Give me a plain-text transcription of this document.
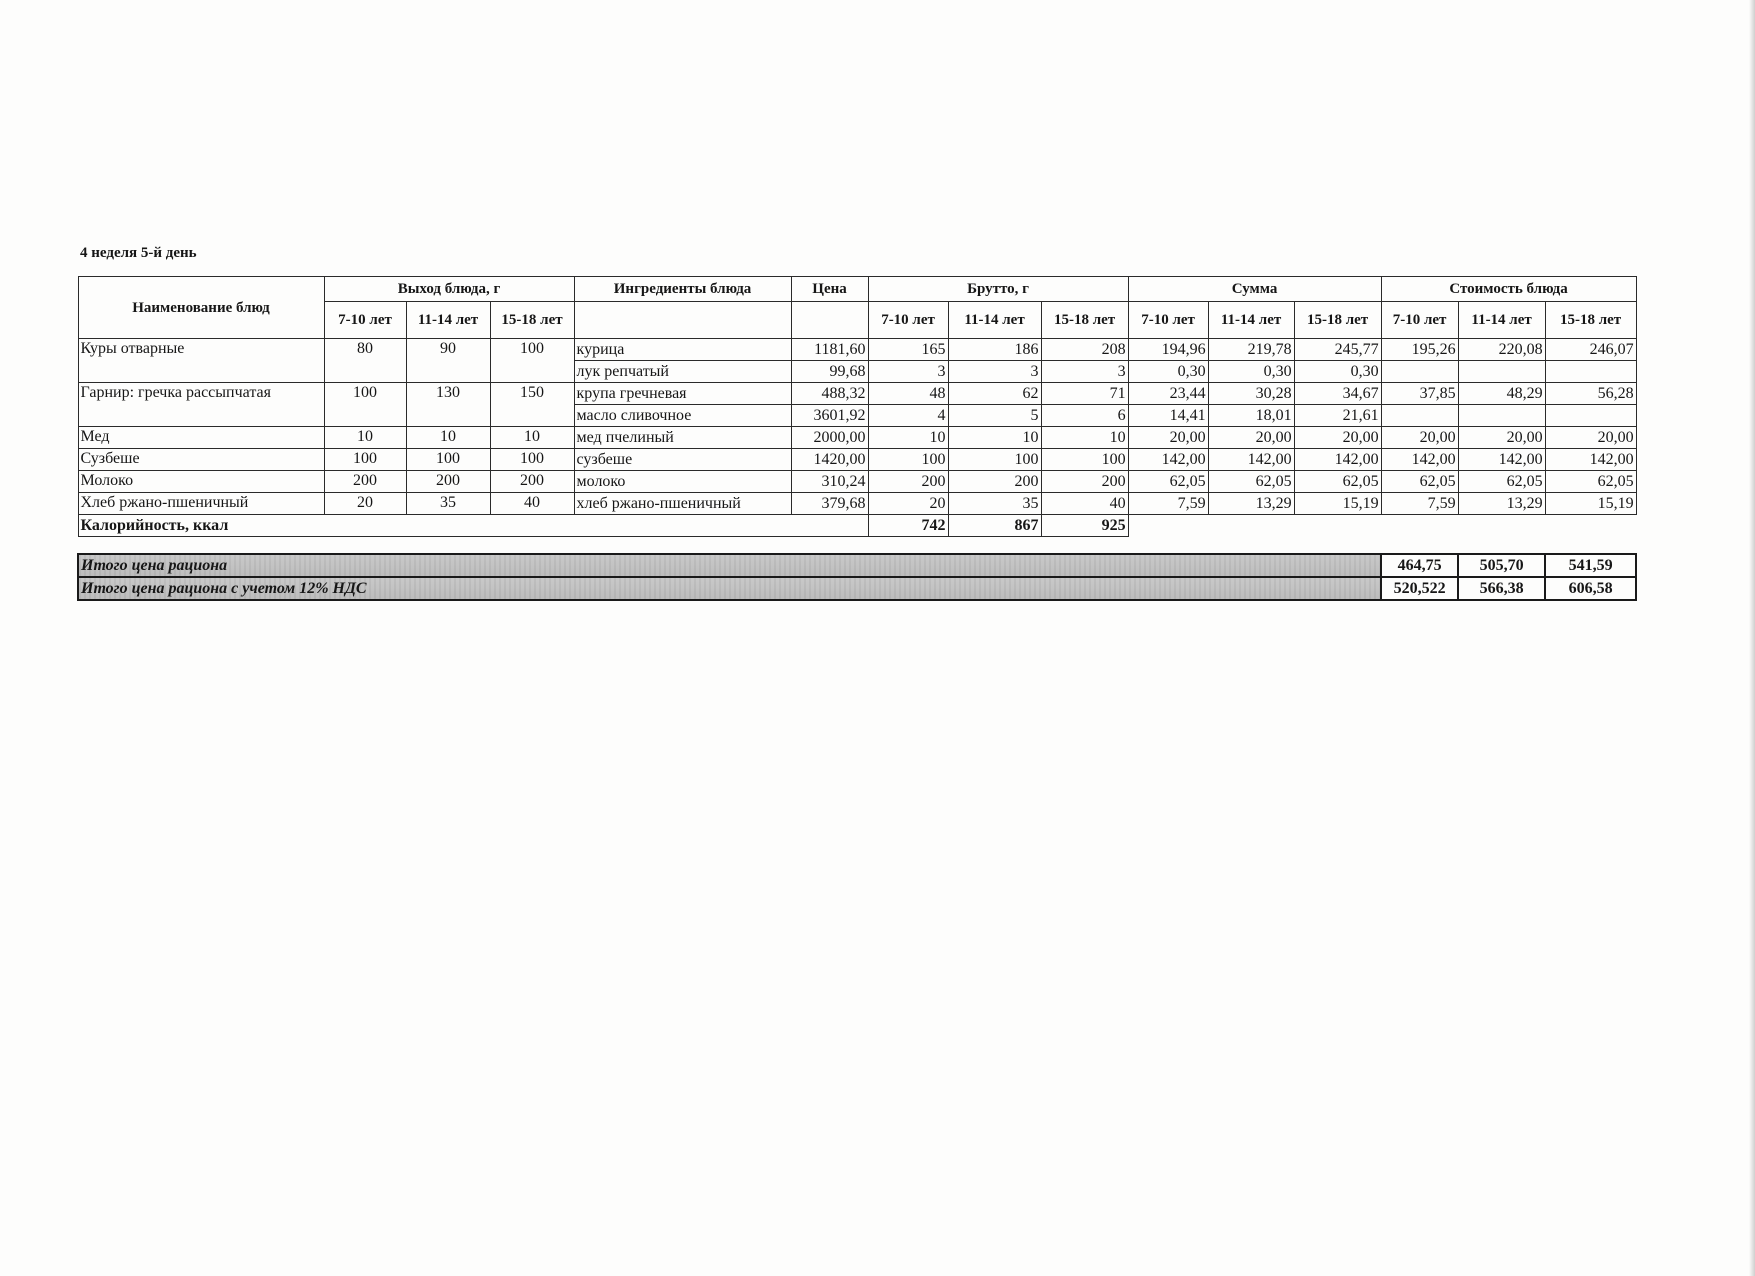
4 неделя 5-й день
Наименование блюд	Выход блюда, г			Ингредиенты блюда	Цена	Брутто, г			Сумма			Стоимость блюда		
	7-10 лет	11-14 лет	15-18 лет			7-10 лет	11-14 лет	15-18 лет	7-10 лет	11-14 лет	15-18 лет	7-10 лет	11-14 лет	15-18 лет
Куры отварные	80	90	100	курица	1181,60	165	186	208	194,96	219,78	245,77	195,26	220,08	246,07
				лук репчатый	99,68	3	3	3	0,30	0,30	0,30			
Гарнир: гречка рассыпчатая	100	130	150	крупа гречневая	488,32	48	62	71	23,44	30,28	34,67	37,85	48,29	56,28
				масло сливочное	3601,92	4	5	6	14,41	18,01	21,61			
Мед	10	10	10	мед пчелиный	2000,00	10	10	10	20,00	20,00	20,00	20,00	20,00	20,00
Сузбеше	100	100	100	сузбеше	1420,00	100	100	100	142,00	142,00	142,00	142,00	142,00	142,00
Молоко	200	200	200	молоко	310,24	200	200	200	62,05	62,05	62,05	62,05	62,05	62,05
Хлеб ржано-пшеничный	20	35	40	хлеб ржано-пшеничный	379,68	20	35	40	7,59	13,29	15,19	7,59	13,29	15,19
Калорийность, ккал						742	867	925						

Итого цена рациона												464,75	505,70	541,59
Итого цена рациона с учетом 12% НДС												520,522	566,38	606,58
